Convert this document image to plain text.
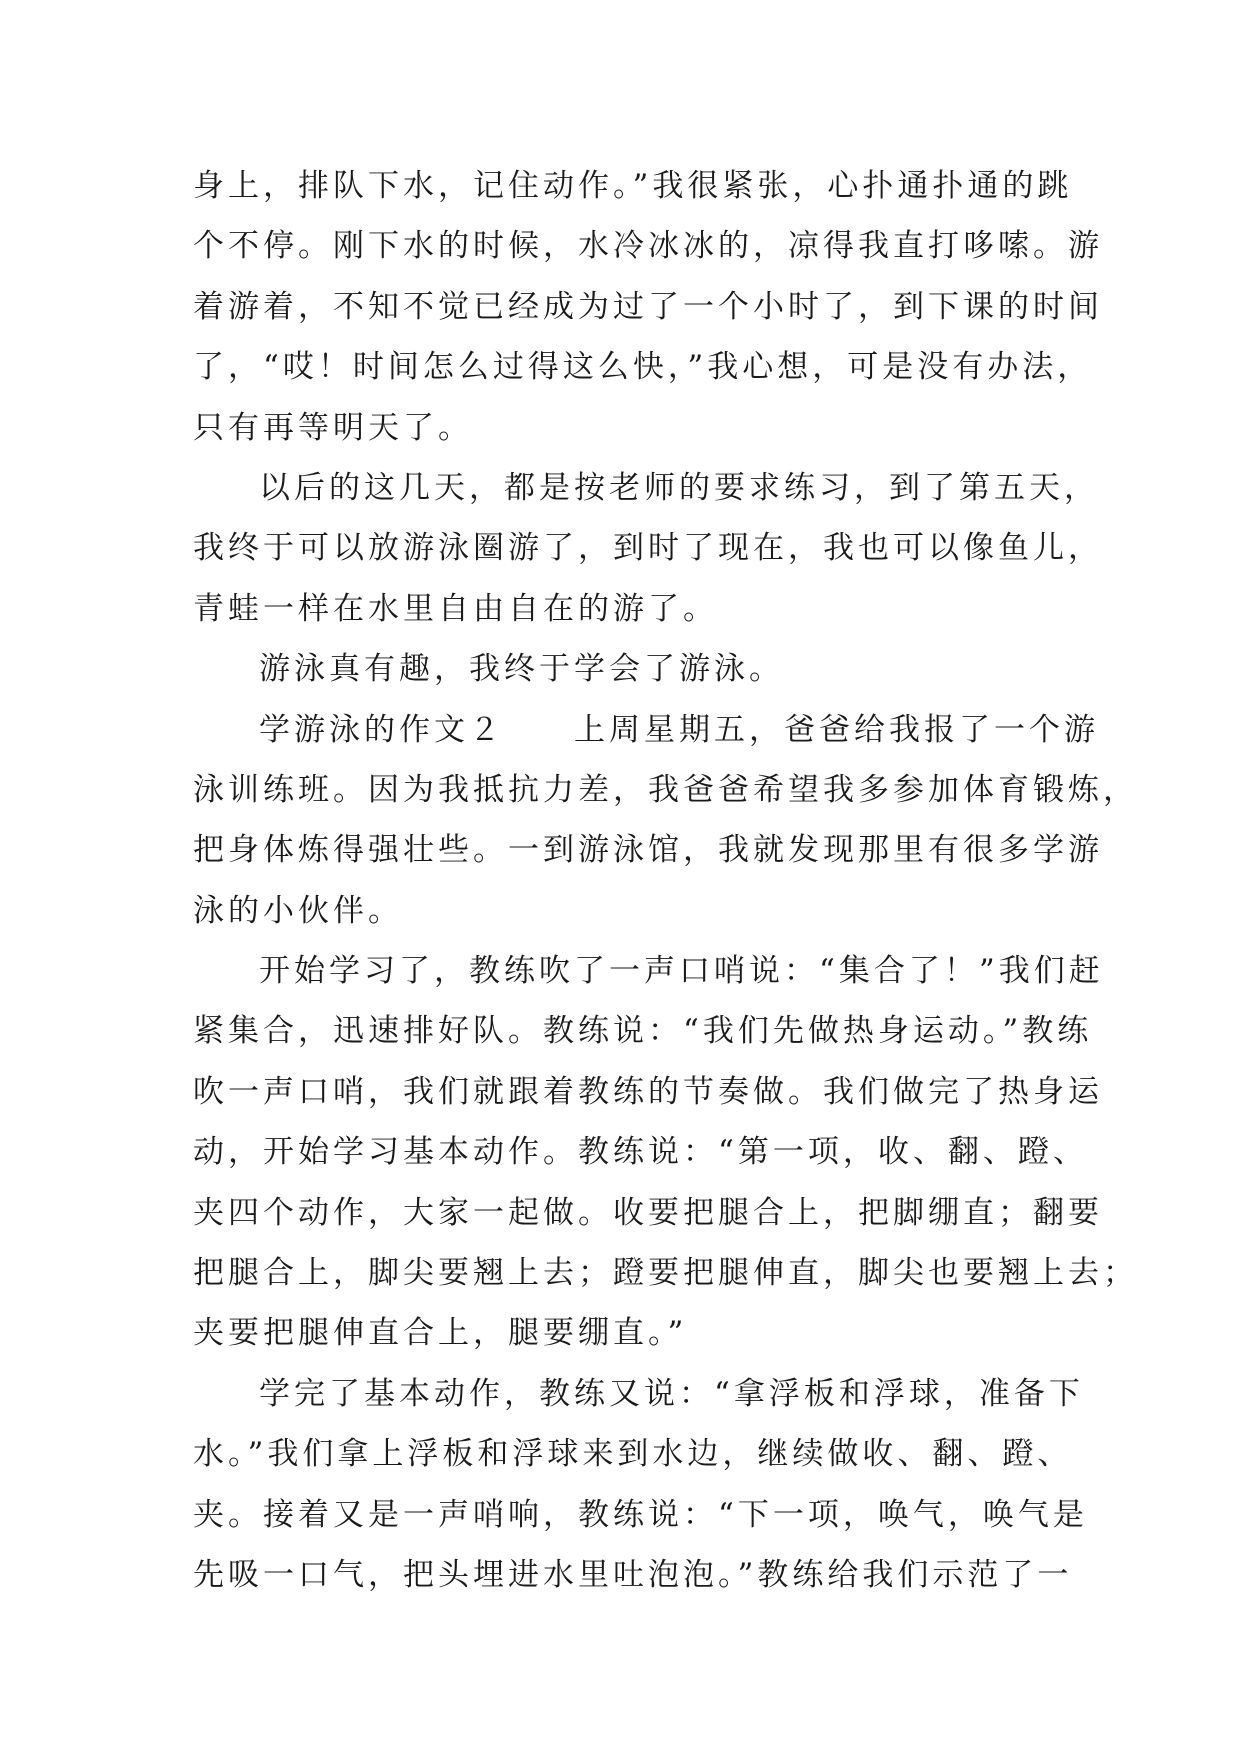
身上，排队下水，记住动作。”我很紧张，心扑通扑通的跳
个不停。刚下水的时候，水冷冰冰的，凉得我直打哆嗦。游
着游着，不知不觉已经成为过了一个小时了，到下课的时间
了，“哎！时间怎么过得这么快，”我心想，可是没有办法，
只有再等明天了。
以后的这几天，都是按老师的要求练习，到了第五天，
我终于可以放游泳圈游了，到时了现在，我也可以像鱼儿，
青蛙一样在水里自由自在的游了。
游泳真有趣，我终于学会了游泳。
学游泳的作文２ 上周星期五，爸爸给我报了一个游
泳训练班。因为我抵抗力差，我爸爸希望我多参加体育锻炼，
把身体炼得强壮些。一到游泳馆，我就发现那里有很多学游
泳的小伙伴。
开始学习了，教练吹了一声口哨说：“集合了！”我们赶
紧集合，迅速排好队。教练说：“我们先做热身运动。”教练
吹一声口哨，我们就跟着教练的节奏做。我们做完了热身运
动，开始学习基本动作。教练说：“第一项，收、翻、蹬、
夹四个动作，大家一起做。收要把腿合上，把脚绷直；翻要
把腿合上，脚尖要翘上去；蹬要把腿伸直，脚尖也要翘上去；
夹要把腿伸直合上，腿要绷直。”
学完了基本动作，教练又说：“拿浮板和浮球，准备下
水。”我们拿上浮板和浮球来到水边，继续做收、翻、蹬、
夹。接着又是一声哨响，教练说：“下一项，唤气，唤气是
先吸一口气，把头埋进水里吐泡泡。”教练给我们示范了一
